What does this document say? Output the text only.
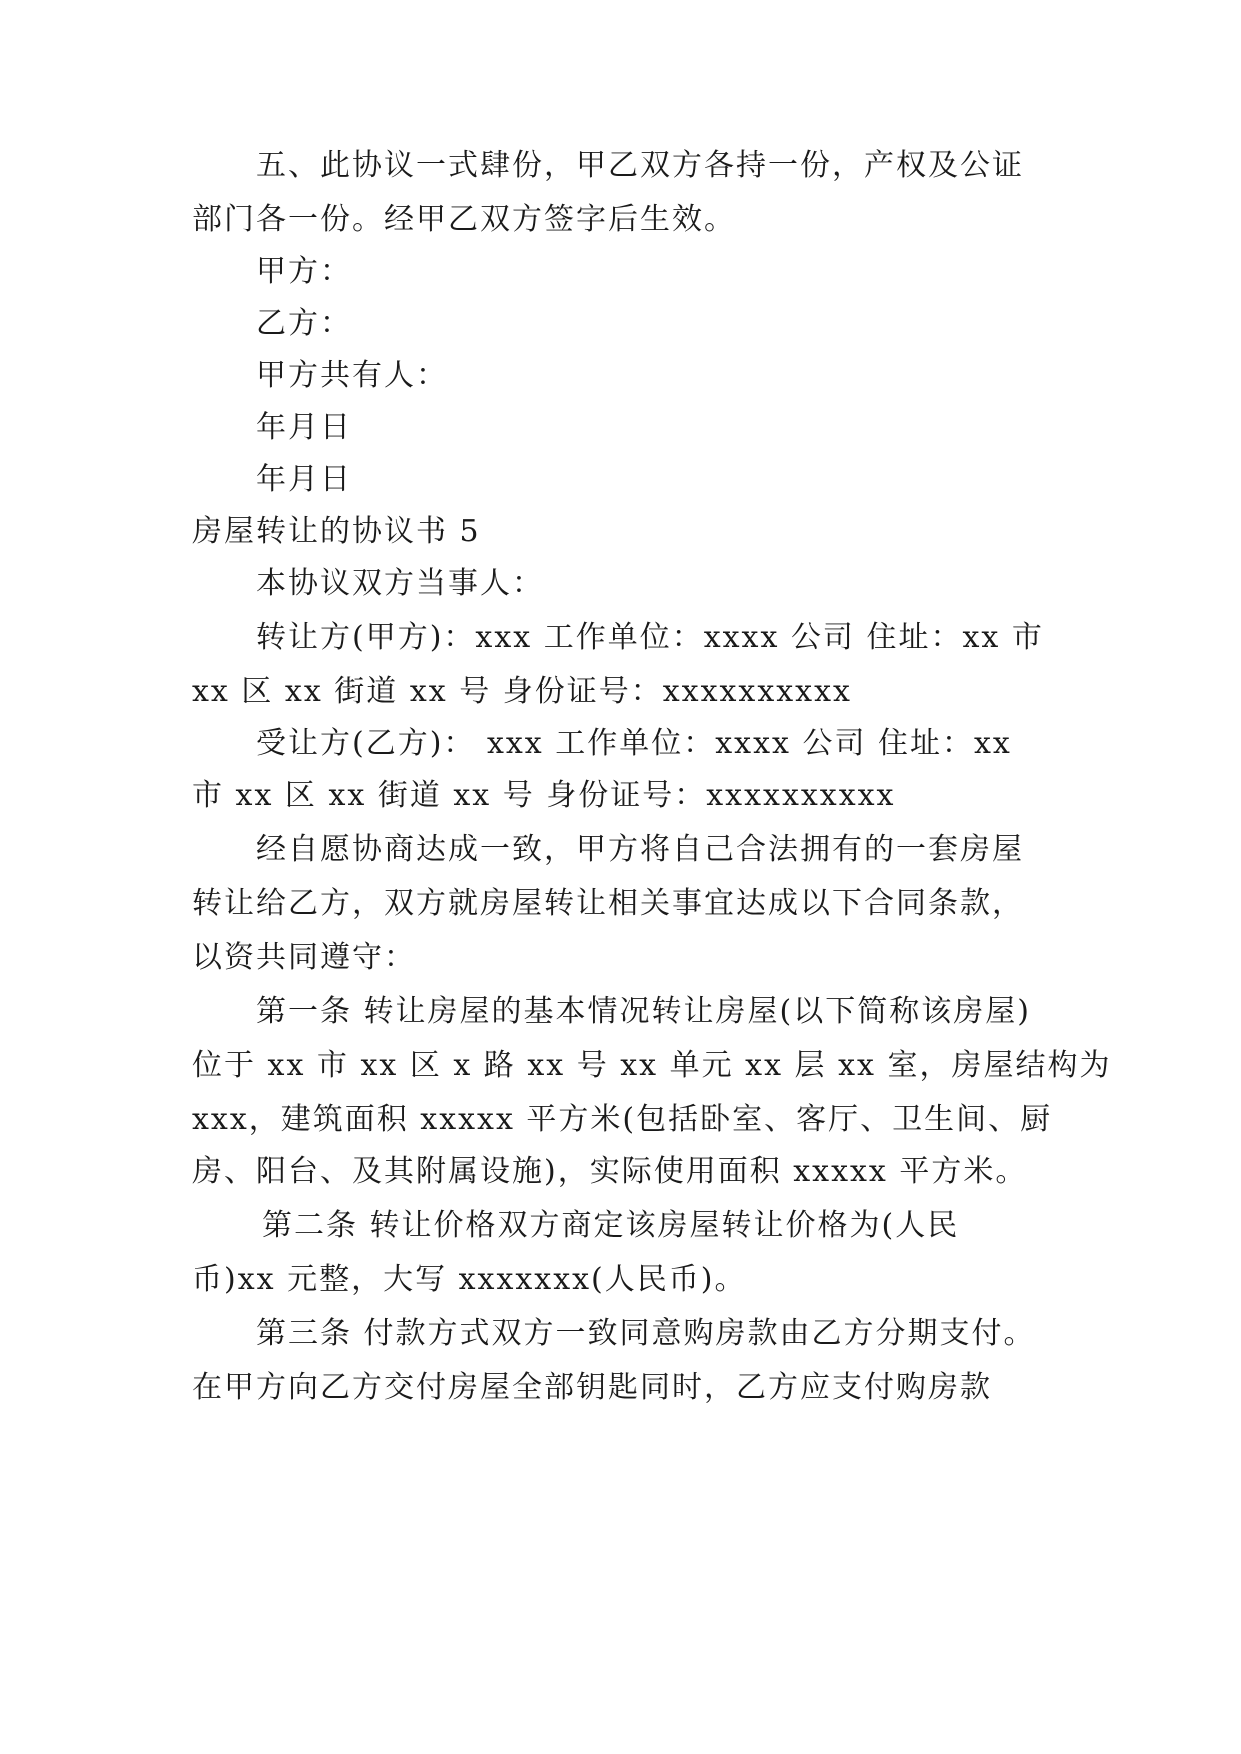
五、此协议一式肆份，甲乙双方各持一份，产权及公证
部门各一份。经甲乙双方签字后生效。
甲方：
乙方：
甲方共有人：
年月日
年月日
房屋转让的协议书 5
本协议双方当事人：
转让方(甲方)：xxx 工作单位：xxxx 公司 住址：xx 市
xx 区 xx 街道 xx 号 身份证号：xxxxxxxxxx
受让方(乙方)： xxx 工作单位：xxxx 公司 住址：xx
市 xx 区 xx 街道 xx 号 身份证号：xxxxxxxxxx
经自愿协商达成一致，甲方将自己合法拥有的一套房屋
转让给乙方，双方就房屋转让相关事宜达成以下合同条款，
以资共同遵守：
第一条 转让房屋的基本情况转让房屋(以下简称该房屋)
位于 xx 市 xx 区 x 路 xx 号 xx 单元 xx 层 xx 室，房屋结构为
xxx，建筑面积 xxxxx 平方米(包括卧室、客厅、卫生间、厨
房、阳台、及其附属设施)，实际使用面积 xxxxx 平方米。
第二条 转让价格双方商定该房屋转让价格为(人民
币)xx 元整，大写 xxxxxxx(人民币)。
第三条 付款方式双方一致同意购房款由乙方分期支付。
在甲方向乙方交付房屋全部钥匙同时，乙方应支付购房款
